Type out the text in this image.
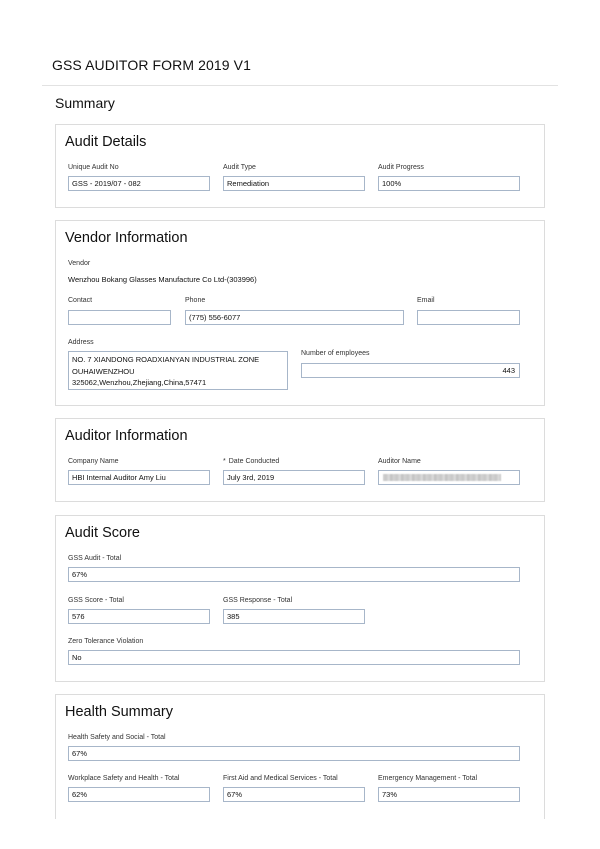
GSS AUDITOR FORM 2019 V1
Summary
Audit Details
Unique Audit No
GSS - 2019/07 - 082
Audit Type
Remediation
Audit Progress
100%
Vendor Information
Vendor
Wenzhou Bokang Glasses Manufacture Co Ltd-(303996)
Contact	Phone
(775) 556-6077
Email
Address
NO. 7 XIANDONG ROADXIANYAN INDUSTRIAL ZONE
OUHAIWENZHOU
325062,Wenzhou,Zhejiang,China,57471
Number of employees
443
Auditor Information
Company Name
HBI Internal Auditor Amy Liu
* Date Conducted
July 3rd, 2019
Auditor Name
Audit Score
GSS Audit - Total
67%
GSS Score - Total
576
GSS Response - Total
385
Zero Tolerance Violation
No
Health Summary
Health Safety and Social - Total
67%
Workplace Safety and Health - Total
62%
First Aid and Medical Services - Total
67%
Emergency Management - Total
73%
